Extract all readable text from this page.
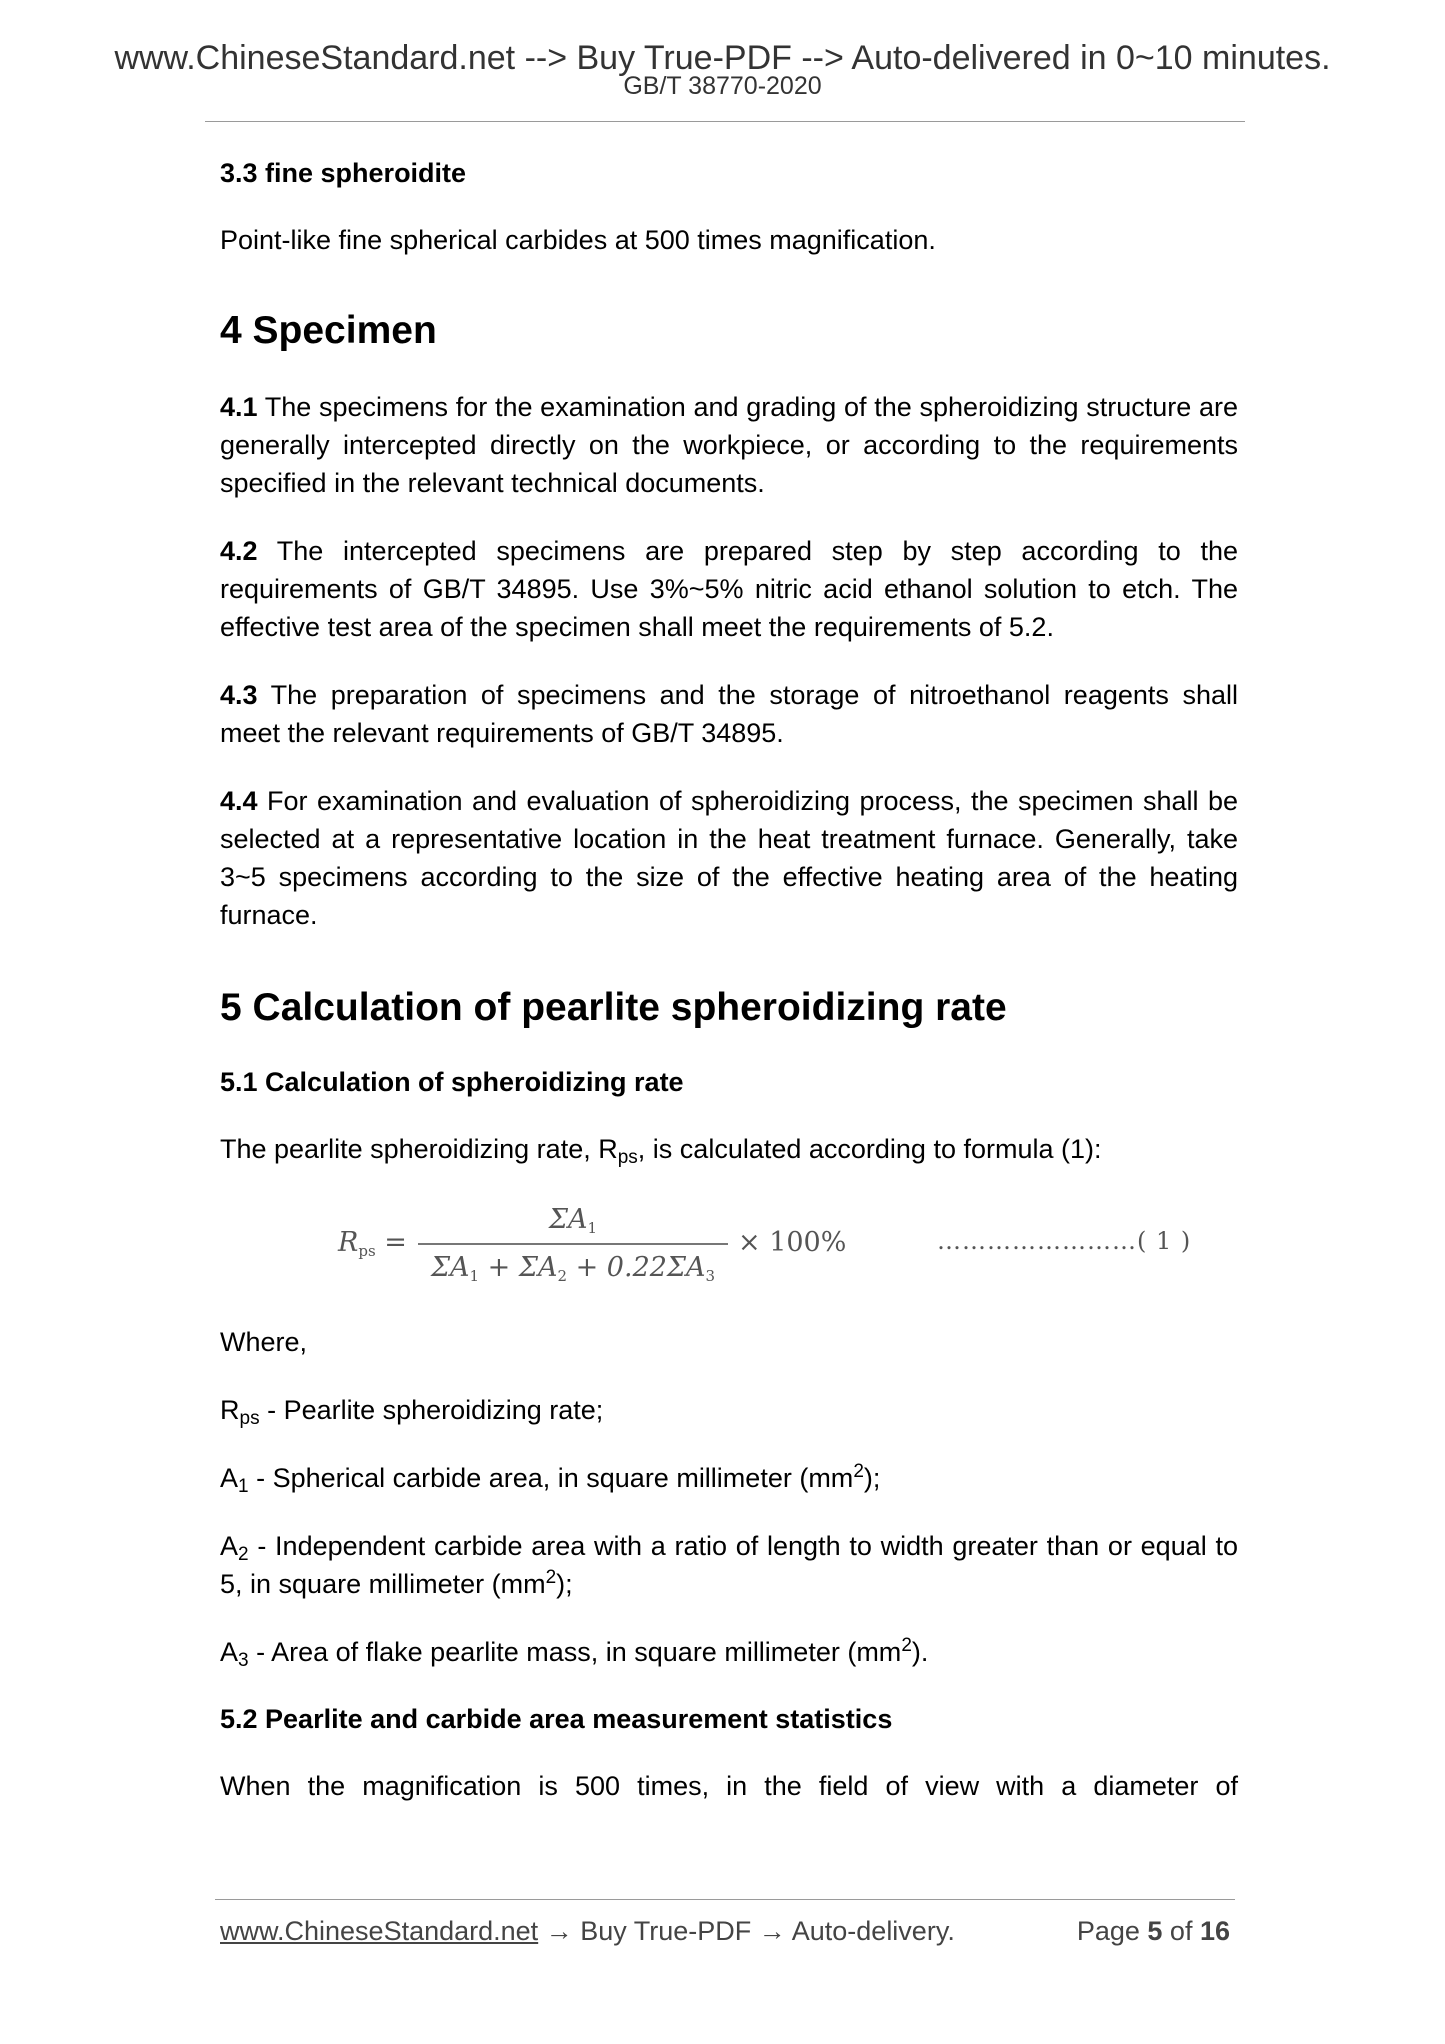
www.ChineseStandard.net --> Buy True-PDF --> Auto-delivered in 0~10 minutes.
GB/T 38770-2020

3.3 fine spheroidite

Point-like fine spherical carbides at 500 times magnification.

4 Specimen

4.1 The specimens for the examination and grading of the spheroidizing structure are generally intercepted directly on the workpiece, or according to the requirements specified in the relevant technical documents.

4.2 The intercepted specimens are prepared step by step according to the requirements of GB/T 34895. Use 3%~5% nitric acid ethanol solution to etch. The effective test area of the specimen shall meet the requirements of 5.2.

4.3 The preparation of specimens and the storage of nitroethanol reagents shall meet the relevant requirements of GB/T 34895.

4.4 For examination and evaluation of spheroidizing process, the specimen shall be selected at a representative location in the heat treatment furnace. Generally, take 3~5 specimens according to the size of the effective heating area of the heating furnace.

5 Calculation of pearlite spheroidizing rate

5.1 Calculation of spheroidizing rate

The pearlite spheroidizing rate, $R_{ps}$, is calculated according to formula (1):

$R_{ps}$ =
$\Sigma A_1$
$\Sigma A_1 + \Sigma A_2 + 0.22\Sigma A_3$
× 100%	……………………( 1 )

Where,

$R_{ps}$ - Pearlite spheroidizing rate;

$A_1$ - Spherical carbide area, in square millimeter $(mm^2)$;

$A_2$ - Independent carbide area with a ratio of length to width greater than or equal to 5, in square millimeter $(mm^2)$;

$A_3$ - Area of flake pearlite mass, in square millimeter $(mm^2)$.

5.2 Pearlite and carbide area measurement statistics

When the magnification is 500 times, in the field of view with a diameter of

www.ChineseStandard.net → Buy True-PDF → Auto-delivery.	Page 5 of 16
